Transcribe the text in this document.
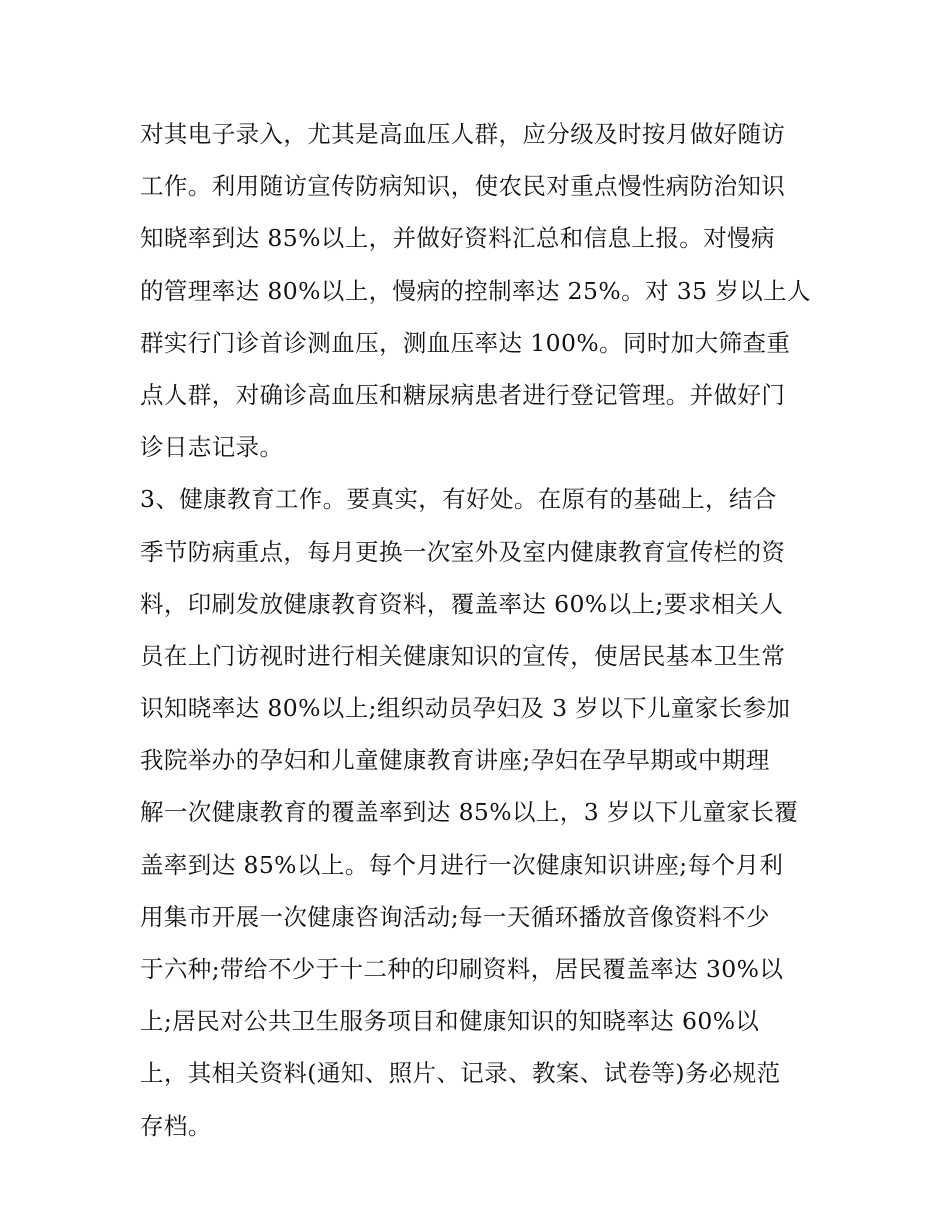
对其电子录入，尤其是高血压人群，应分级及时按月做好随访
工作。利用随访宣传防病知识，使农民对重点慢性病防治知识
知晓率到达 85%以上，并做好资料汇总和信息上报。对慢病
的管理率达 80%以上，慢病的控制率达 25%。对 35 岁以上人
群实行门诊首诊测血压，测血压率达 100%。同时加大筛查重
点人群，对确诊高血压和糖尿病患者进行登记管理。并做好门
诊日志记录。
3、健康教育工作。要真实，有好处。在原有的基础上，结合
季节防病重点，每月更换一次室外及室内健康教育宣传栏的资
料，印刷发放健康教育资料，覆盖率达 60%以上;要求相关人
员在上门访视时进行相关健康知识的宣传，使居民基本卫生常
识知晓率达 80%以上;组织动员孕妇及 3 岁以下儿童家长参加
我院举办的孕妇和儿童健康教育讲座;孕妇在孕早期或中期理
解一次健康教育的覆盖率到达 85%以上，3 岁以下儿童家长覆
盖率到达 85%以上。每个月进行一次健康知识讲座;每个月利
用集市开展一次健康咨询活动;每一天循环播放音像资料不少
于六种;带给不少于十二种的印刷资料，居民覆盖率达 30%以
上;居民对公共卫生服务项目和健康知识的知晓率达 60%以
上，其相关资料(通知、照片、记录、教案、试卷等)务必规范
存档。
